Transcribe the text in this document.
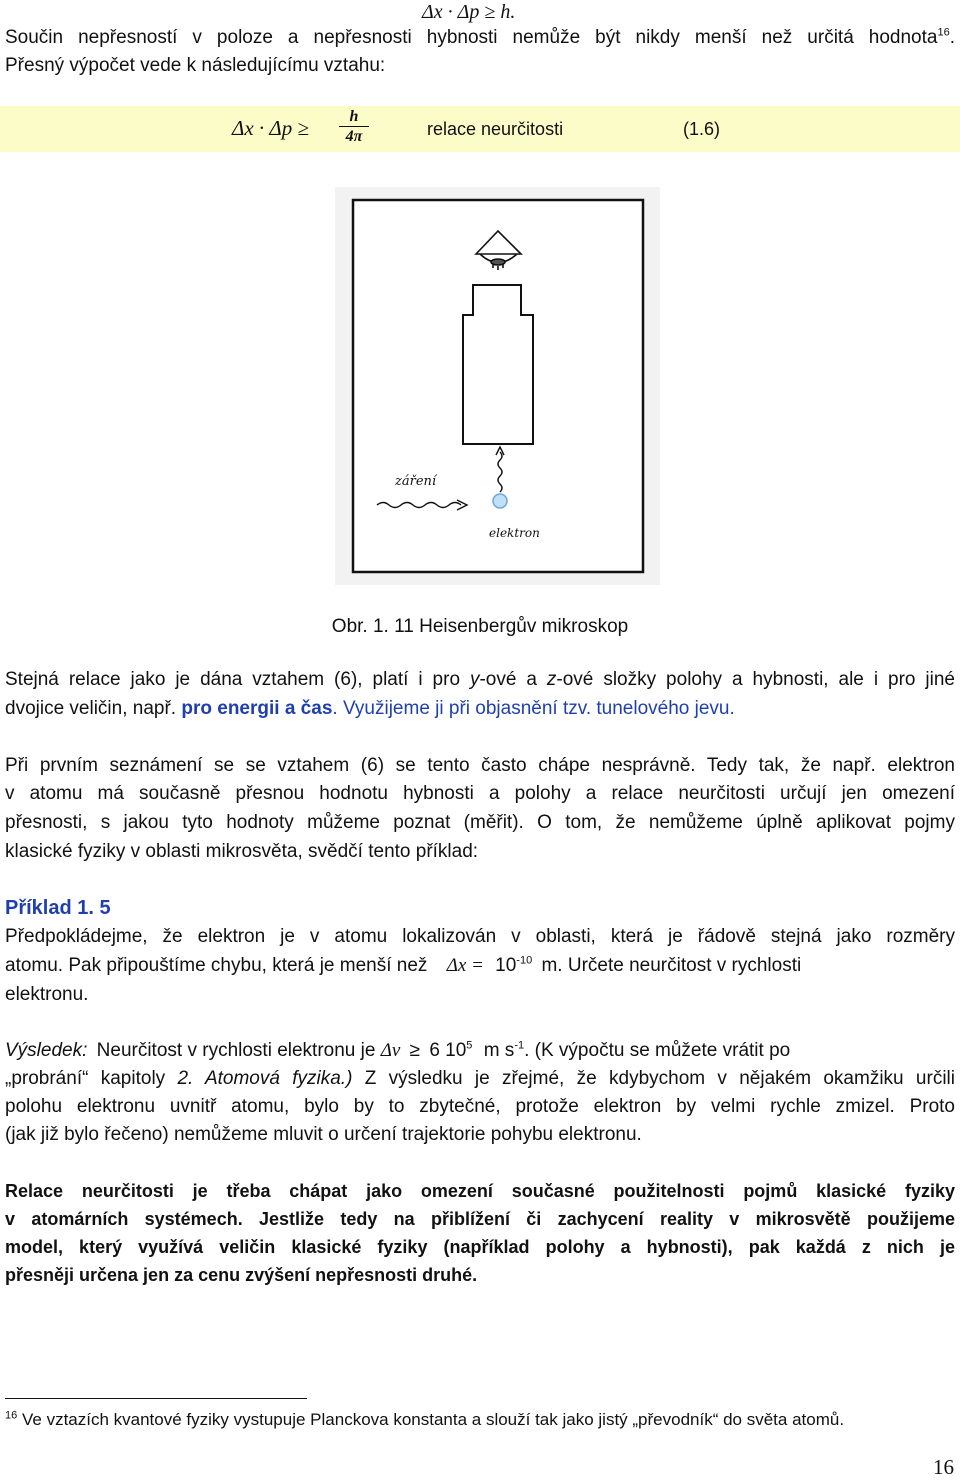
Δx · Δp ≥ h.
Součin nepřesností v poloze a nepřesnosti hybnosti nemůže být nikdy menší než určitá hodnota$^{16}$.
Přesný výpočet vede k následujícímu vztahu:
Δx · Δp ≥	h
4π	relace neurčitosti	(1.6)
záření
elektron
Obr. 1. 11 Heisenbergův mikroskop
Stejná relace jako je dána vztahem (6), platí i pro y-ové a z-ové složky polohy a hybnosti, ale i pro jiné
dvojice veličin, např. pro energii a čas. Využijeme ji při objasnění tzv. tunelového jevu.
Při prvním seznámení se se vztahem (6) se tento často chápe nesprávně. Tedy tak, že např. elektron
v atomu má současně přesnou hodnotu hybnosti a polohy a relace neurčitosti určují jen omezení
přesnosti, s jakou tyto hodnoty můžeme poznat (měřit). O tom, že nemůžeme úplně aplikovat pojmy
klasické fyziky v oblasti mikrosvěta, svědčí tento příklad:
Příklad 1. 5
Předpokládejme, že elektron je v atomu lokalizován v oblasti, která je řádově stejná jako rozměry
atomu. Pak připouštíme chybu, která je menší než $\Delta x = 10^{-10}$ m. Určete neurčitost v rychlosti
elektronu.
Výsledek: Neurčitost v rychlosti elektronu je Δv ≥ 6 $10^5$ m $s^{-1}$. (K výpočtu se můžete vrátit po
„probrání“ kapitoly 2. Atomová fyzika.) Z výsledku je zřejmé, že kdybychom v nějakém okamžiku určili
polohu elektronu uvnitř atomu, bylo by to zbytečné, protože elektron by velmi rychle zmizel. Proto
(jak již bylo řečeno) nemůžeme mluvit o určení trajektorie pohybu elektronu.
Relace neurčitosti je třeba chápat jako omezení současné použitelnosti pojmů klasické fyziky
v atomárních systémech. Jestliže tedy na přiblížení či zachycení reality v mikrosvětě použijeme
model, který využívá veličin klasické fyziky (například polohy a hybnosti), pak každá z nich je
přesněji určena jen za cenu zvýšení nepřesnosti druhé.
$^{16}$ Ve vztazích kvantové fyziky vystupuje Planckova konstanta a slouží tak jako jistý „převodník“ do světa atomů.
16
